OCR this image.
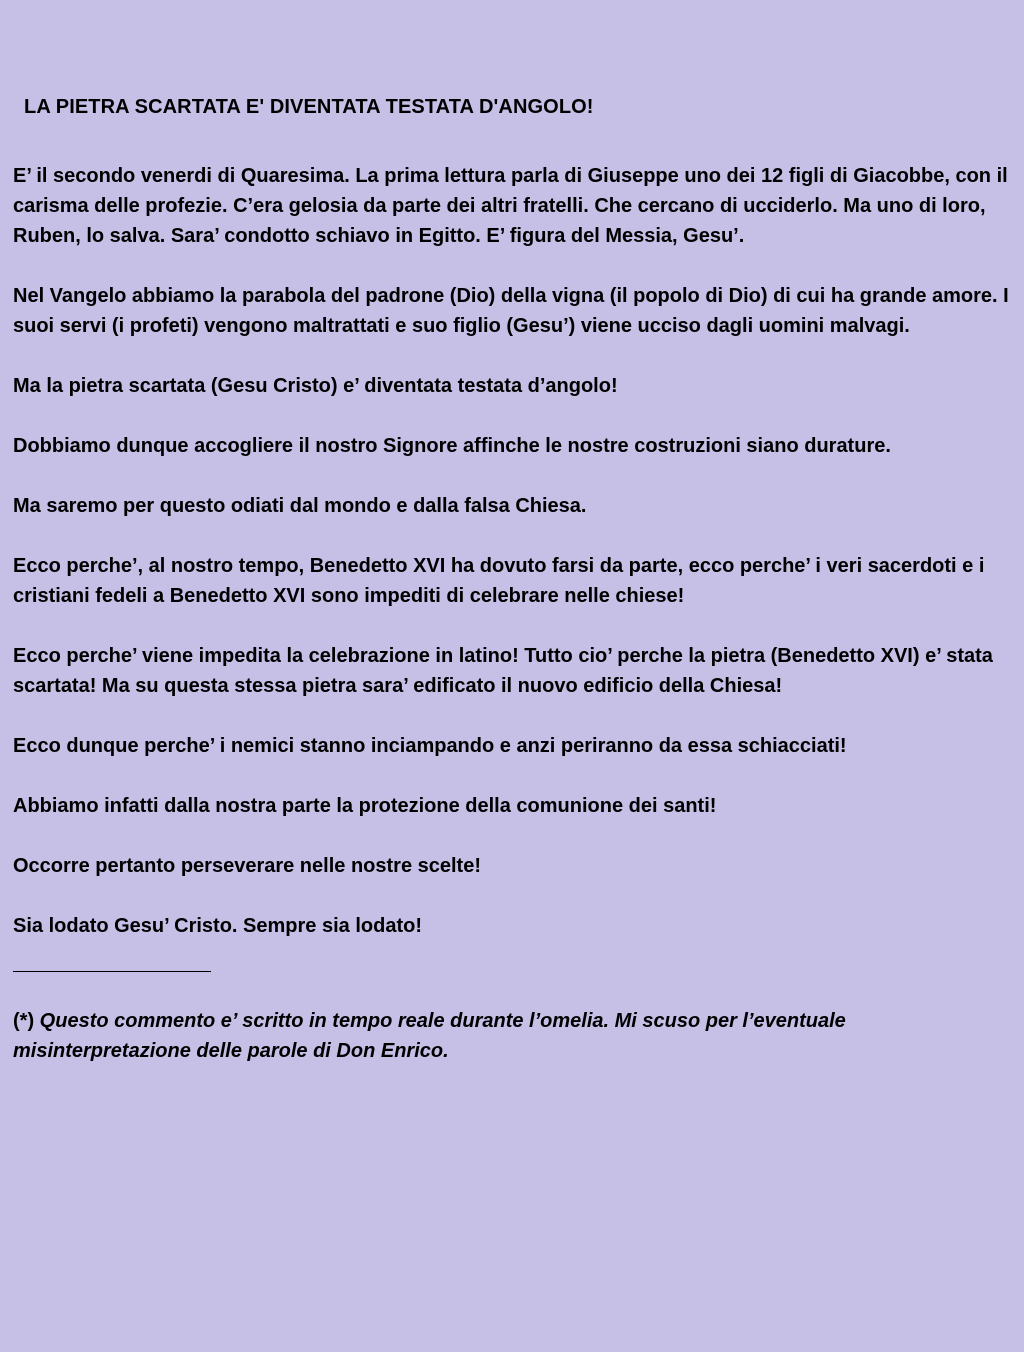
LA PIETRA SCARTATA E' DIVENTATA TESTATA D'ANGOLO!

E’ il secondo venerdi di Quaresima. La prima lettura parla di Giuseppe uno dei 12 figli di Giacobbe, con il carisma delle profezie. C’era gelosia da parte dei altri fratelli. Che cercano di ucciderlo. Ma uno di loro, Ruben, lo salva. Sara’ condotto schiavo in Egitto. E’ figura del Messia, Gesu’.

Nel Vangelo abbiamo la parabola del padrone (Dio) della vigna (il popolo di Dio) di cui ha grande amore. I suoi servi (i profeti) vengono maltrattati e suo figlio (Gesu’) viene ucciso dagli uomini malvagi.

Ma la pietra scartata (Gesu Cristo) e’ diventata testata d’angolo!

Dobbiamo dunque accogliere il nostro Signore affinche le nostre costruzioni siano durature.

Ma saremo per questo odiati dal mondo e dalla falsa Chiesa.

Ecco perche’, al nostro tempo, Benedetto XVI ha dovuto farsi da parte, ecco perche’ i veri sacerdoti e i cristiani fedeli a Benedetto XVI sono impediti di celebrare nelle chiese!

Ecco perche’ viene impedita la celebrazione in latino! Tutto cio’ perche la pietra (Benedetto XVI) e’ stata scartata! Ma su questa stessa pietra sara’ edificato il nuovo edificio della Chiesa!

Ecco dunque perche’ i nemici stanno inciampando e anzi periranno da essa schiacciati!

Abbiamo infatti dalla nostra parte la protezione della comunione dei santi!

Occorre pertanto perseverare nelle nostre scelte!

Sia lodato Gesu’ Cristo. Sempre sia lodato!

(*) Questo commento e’ scritto in tempo reale durante l’omelia. Mi scuso per l’eventuale misinterpretazione delle parole di Don Enrico.
